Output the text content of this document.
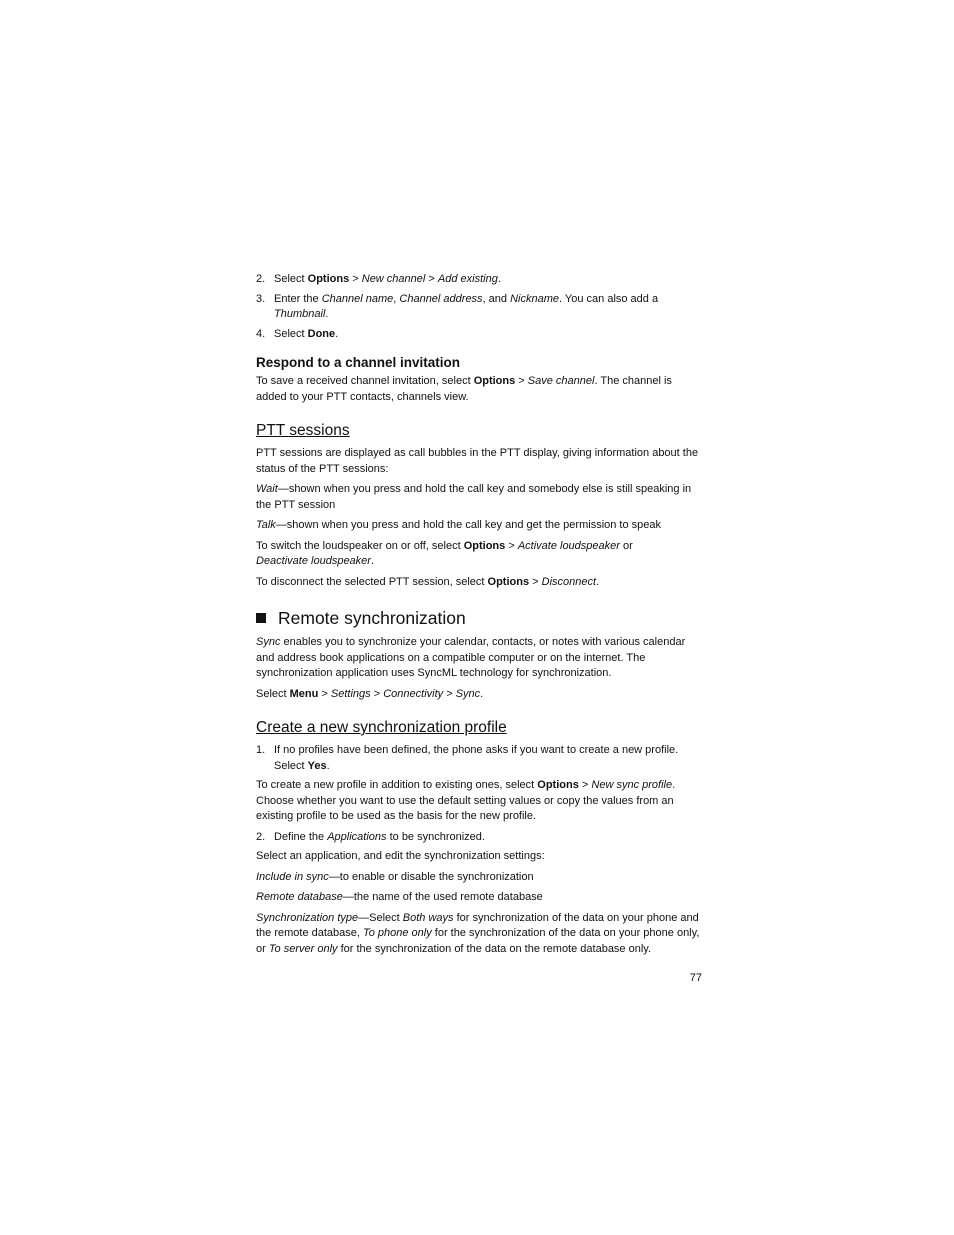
2. Select Options > New channel > Add existing.
3. Enter the Channel name, Channel address, and Nickname. You can also add a Thumbnail.
4. Select Done.
Respond to a channel invitation

To save a received channel invitation, select Options > Save channel. The channel is added to your PTT contacts, channels view.

PTT sessions

PTT sessions are displayed as call bubbles in the PTT display, giving information about the status of the PTT sessions:

Wait—shown when you press and hold the call key and somebody else is still speaking in the PTT session

Talk—shown when you press and hold the call key and get the permission to speak

To switch the loudspeaker on or off, select Options > Activate loudspeaker or
Deactivate loudspeaker.

To disconnect the selected PTT session, select Options > Disconnect.

Remote synchronization

Sync enables you to synchronize your calendar, contacts, or notes with various calendar and address book applications on a compatible computer or on the internet. The synchronization application uses SyncML technology for synchronization.

Select Menu > Settings > Connectivity > Sync.

Create a new synchronization profile
1. If no profiles have been defined, the phone asks if you want to create a new profile. Select Yes.

To create a new profile in addition to existing ones, select Options > New sync profile. Choose whether you want to use the default setting values or copy the values from an existing profile to be used as the basis for the new profile.

2. Define the Applications to be synchronized.

Select an application, and edit the synchronization settings:

Include in sync—to enable or disable the synchronization

Remote database—the name of the used remote database

Synchronization type—Select Both ways for synchronization of the data on your phone and the remote database, To phone only for the synchronization of the data on your phone only, or To server only for the synchronization of the data on the remote database only.

77
